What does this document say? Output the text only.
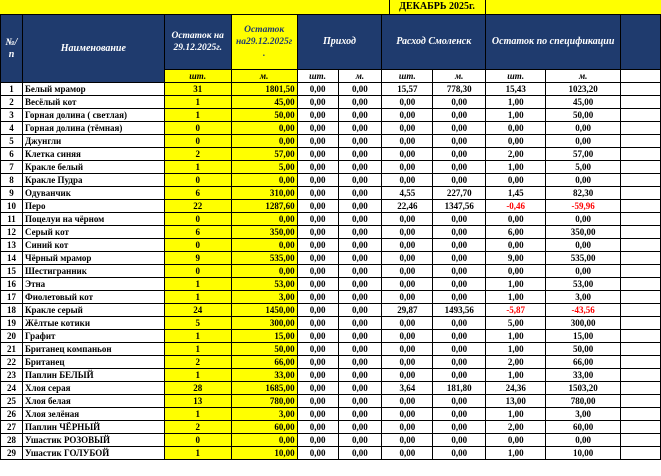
ДЕКАБРЬ 2025г.
№/п	Наименование	Остаток на 29.12.2025г.	Остаток на29.12.2025г .	Приход		Расход Смоленск		Остаток по спецификации		
		шт.	м.	шт.	м.	шт.	м.	шт.	м.	
1	Белый мрамор	31	1801,50	0,00	0,00	15,57	778,30	15,43	1023,20	
2	Весёлый кот	1	45,00	0,00	0,00	0,00	0,00	1,00	45,00	
3	Горная долина ( светлая)	1	50,00	0,00	0,00	0,00	0,00	1,00	50,00	
4	Горная долина (тёмная)	0	0,00	0,00	0,00	0,00	0,00	0,00	0,00	
5	Джунгли	0	0,00	0,00	0,00	0,00	0,00	0,00	0,00	
6	Клетка синяя	2	57,00	0,00	0,00	0,00	0,00	2,00	57,00	
7	Кракле белый	1	5,00	0,00	0,00	0,00	0,00	1,00	5,00	
8	Кракле Пудра	0	0,00	0,00	0,00	0,00	0,00	0,00	0,00	
9	Одуванчик	6	310,00	0,00	0,00	4,55	227,70	1,45	82,30	
10	Перо	22	1287,60	0,00	0,00	22,46	1347,56	-0,46	-59,96	
11	Поцелуи на чёрном	0	0,00	0,00	0,00	0,00	0,00	0,00	0,00	
12	Серый кот	6	350,00	0,00	0,00	0,00	0,00	6,00	350,00	
13	Синий кот	0	0,00	0,00	0,00	0,00	0,00	0,00	0,00	
14	Чёрный мрамор	9	535,00	0,00	0,00	0,00	0,00	9,00	535,00	
15	Шестигранник	0	0,00	0,00	0,00	0,00	0,00	0,00	0,00	
16	Этна	1	53,00	0,00	0,00	0,00	0,00	1,00	53,00	
17	Фиолетовый кот	1	3,00	0,00	0,00	0,00	0,00	1,00	3,00	
18	Кракле серый	24	1450,00	0,00	0,00	29,87	1493,56	-5,87	-43,56	
19	Жёлтые котики	5	300,00	0,00	0,00	0,00	0,00	5,00	300,00	
20	Графит	1	15,00	0,00	0,00	0,00	0,00	1,00	15,00	
21	Британец компаньон	1	50,00	0,00	0,00	0,00	0,00	1,00	50,00	
22	Британец	2	66,00	0,00	0,00	0,00	0,00	2,00	66,00	
23	Паплин БЕЛЫЙ	1	33,00	0,00	0,00	0,00	0,00	1,00	33,00	
24	Хлоя серая	28	1685,00	0,00	0,00	3,64	181,80	24,36	1503,20	
25	Хлоя белая	13	780,00	0,00	0,00	0,00	0,00	13,00	780,00	
26	Хлоя зелёная	1	3,00	0,00	0,00	0,00	0,00	1,00	3,00	
27	Паплин ЧЁРНЫЙ	2	60,00	0,00	0,00	0,00	0,00	2,00	60,00	
28	Ушастик РОЗОВЫЙ	0	0,00	0,00	0,00	0,00	0,00	0,00	0,00	
29	Ушастик ГОЛУБОЙ	1	10,00	0,00	0,00	0,00	0,00	1,00	10,00	
